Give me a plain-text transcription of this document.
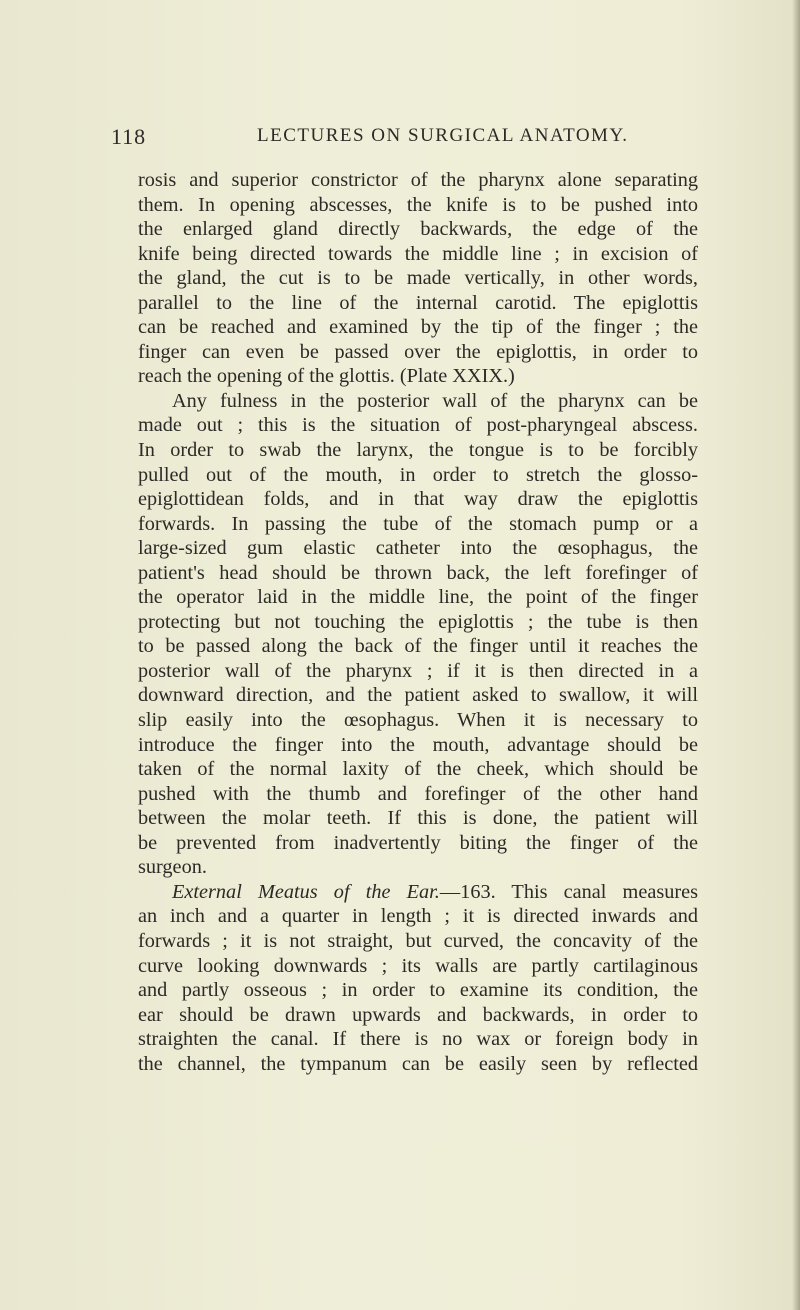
118	LECTURES ON SURGICAL ANATOMY.
rosis and superior constrictor of the pharynx alone separating
them. In opening abscesses, the knife is to be pushed into
the enlarged gland directly backwards, the edge of the
knife being directed towards the middle line ; in excision of
the gland, the cut is to be made vertically, in other words,
parallel to the line of the internal carotid. The epiglottis
can be reached and examined by the tip of the finger ; the
finger can even be passed over the epiglottis, in order to
reach the opening of the glottis. (Plate XXIX.)
Any fulness in the posterior wall of the pharynx can be
made out ; this is the situation of post-pharyngeal abscess.
In order to swab the larynx, the tongue is to be forcibly
pulled out of the mouth, in order to stretch the glosso-
epiglottidean folds, and in that way draw the epiglottis
forwards. In passing the tube of the stomach pump or a
large-sized gum elastic catheter into the œsophagus, the
patient's head should be thrown back, the left forefinger of
the operator laid in the middle line, the point of the finger
protecting but not touching the epiglottis ; the tube is then
to be passed along the back of the finger until it reaches the
posterior wall of the pharynx ; if it is then directed in a
downward direction, and the patient asked to swallow, it will
slip easily into the œsophagus. When it is necessary to
introduce the finger into the mouth, advantage should be
taken of the normal laxity of the cheek, which should be
pushed with the thumb and forefinger of the other hand
between the molar teeth. If this is done, the patient will
be prevented from inadvertently biting the finger of the
surgeon.
External Meatus of the Ear.—163. This canal measures
an inch and a quarter in length ; it is directed inwards and
forwards ; it is not straight, but curved, the concavity of the
curve looking downwards ; its walls are partly cartilaginous
and partly osseous ; in order to examine its condition, the
ear should be drawn upwards and backwards, in order to
straighten the canal. If there is no wax or foreign body in
the channel, the tympanum can be easily seen by reflected
